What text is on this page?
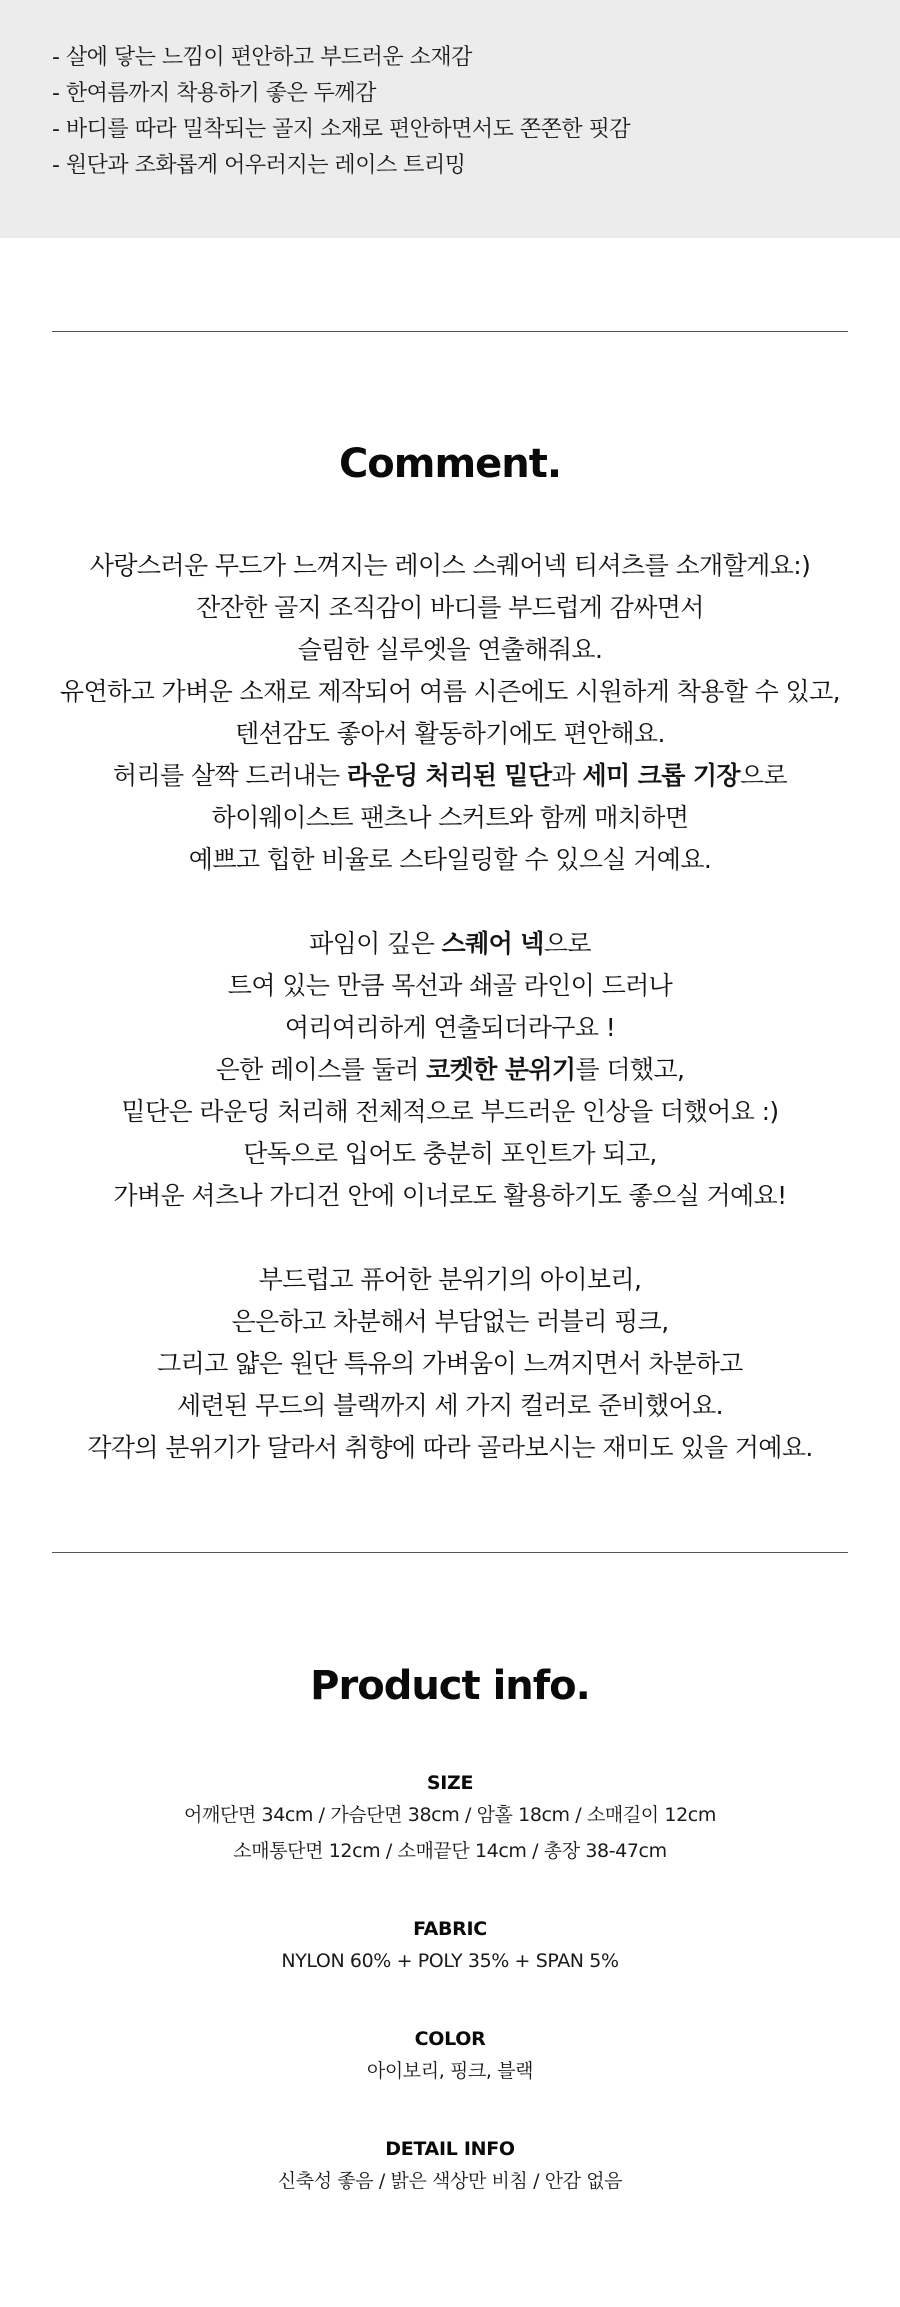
- 살에 닿는 느낌이 편안하고 부드러운 소재감
- 한여름까지 착용하기 좋은 두께감
- 바디를 따라 밀착되는 골지 소재로 편안하면서도 쫀쫀한 핏감
- 원단과 조화롭게 어우러지는 레이스 트리밍
Comment.
사랑스러운 무드가 느껴지는 레이스 스퀘어넥 티셔츠를 소개할게요:)
잔잔한 골지 조직감이 바디를 부드럽게 감싸면서
슬림한 실루엣을 연출해줘요.
유연하고 가벼운 소재로 제작되어 여름 시즌에도 시원하게 착용할 수 있고,
텐션감도 좋아서 활동하기에도 편안해요.
허리를 살짝 드러내는 라운딩 처리된 밑단과 세미 크롭 기장으로
하이웨이스트 팬츠나 스커트와 함께 매치하면
예쁘고 힙한 비율로 스타일링할 수 있으실 거예요.
파임이 깊은 스퀘어 넥으로
트여 있는 만큼 목선과 쇄골 라인이 드러나
여리여리하게 연출되더라구요 !
은한 레이스를 둘러 코켓한 분위기를 더했고,
밑단은 라운딩 처리해 전체적으로 부드러운 인상을 더했어요 :)
단독으로 입어도 충분히 포인트가 되고,
가벼운 셔츠나 가디건 안에 이너로도 활용하기도 좋으실 거예요!
부드럽고 퓨어한 분위기의 아이보리,
은은하고 차분해서 부담없는 러블리 핑크,
그리고 얇은 원단 특유의 가벼움이 느껴지면서 차분하고
세련된 무드의 블랙까지 세 가지 컬러로 준비했어요.
각각의 분위기가 달라서 취향에 따라 골라보시는 재미도 있을 거예요.
Product info.
SIZE
어깨단면 34cm / 가슴단면 38cm / 암홀 18cm / 소매길이 12cm
소매통단면 12cm / 소매끝단 14cm / 총장 38-47cm
FABRIC
NYLON 60% + POLY 35% + SPAN 5%
COLOR
아이보리, 핑크, 블랙
DETAIL INFO
신축성 좋음 / 밝은 색상만 비침 / 안감 없음
